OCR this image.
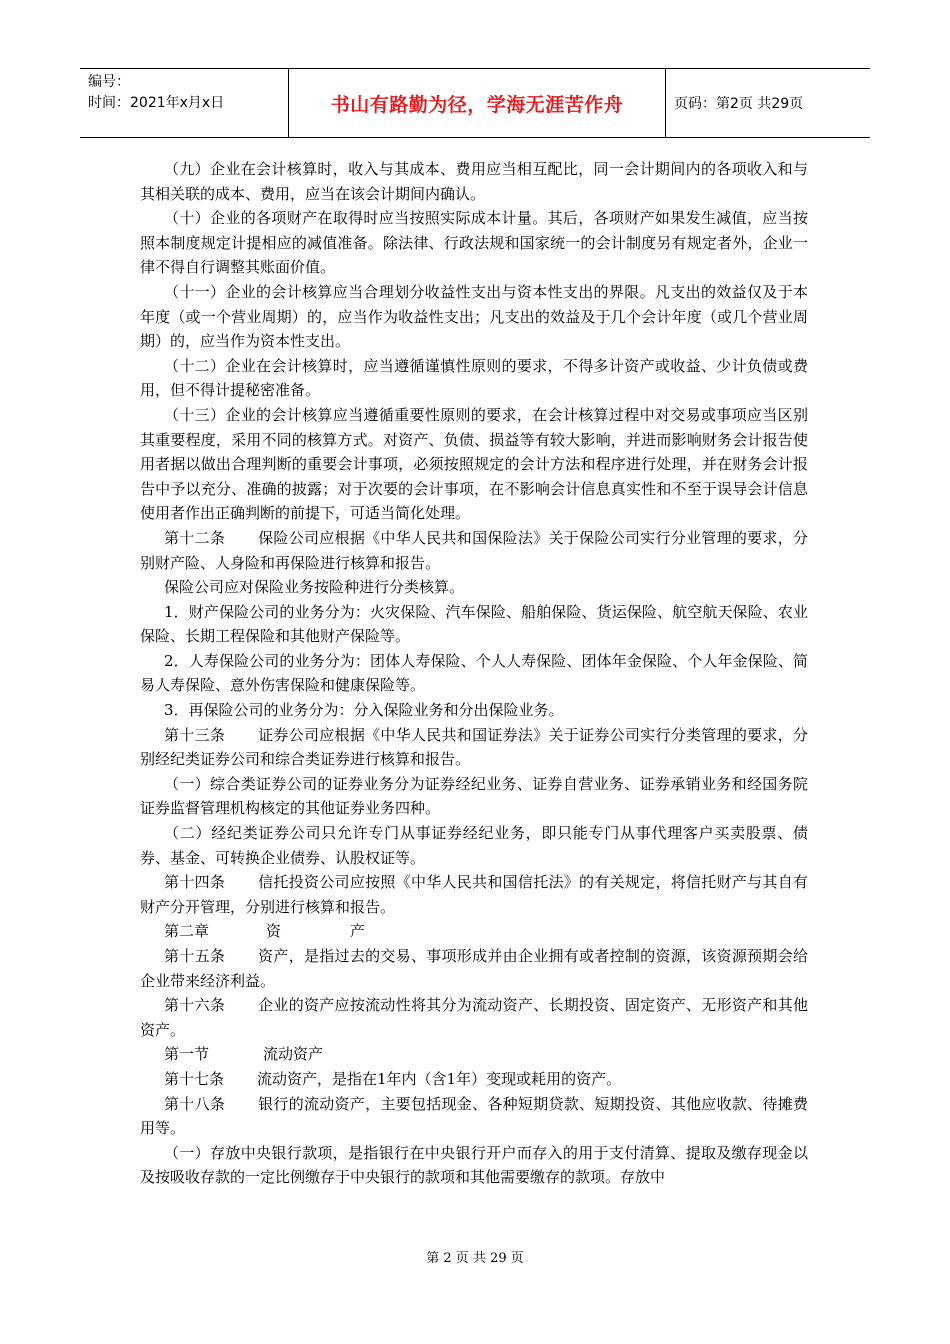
编号：
时间：2021年x月x日	书山有路勤为径，学海无涯苦作舟	页码：第2页 共29页

（九）企业在会计核算时，收入与其成本、费用应当相互配比，同一会计期间内的各项收入和与其相关联的成本、费用，应当在该会计期间内确认。

（十）企业的各项财产在取得时应当按照实际成本计量。其后，各项财产如果发生减值，应当按照本制度规定计提相应的减值准备。除法律、行政法规和国家统一的会计制度另有规定者外，企业一律不得自行调整其账面价值。

（十一）企业的会计核算应当合理划分收益性支出与资本性支出的界限。凡支出的效益仅及于本年度（或一个营业周期）的，应当作为收益性支出；凡支出的效益及于几个会计年度（或几个营业周期）的，应当作为资本性支出。

（十二）企业在会计核算时，应当遵循谨慎性原则的要求，不得多计资产或收益、少计负债或费用，但不得计提秘密准备。

（十三）企业的会计核算应当遵循重要性原则的要求，在会计核算过程中对交易或事项应当区别其重要程度，采用不同的核算方式。对资产、负债、损益等有较大影响，并进而影响财务会计报告使用者据以做出合理判断的重要会计事项，必须按照规定的会计方法和程序进行处理，并在财务会计报告中予以充分、准确的披露；对于次要的会计事项，在不影响会计信息真实性和不至于误导会计信息使用者作出正确判断的前提下，可适当简化处理。

第十二条 保险公司应根据《中华人民共和国保险法》关于保险公司实行分业管理的要求，分别财产险、人身险和再保险进行核算和报告。

保险公司应对保险业务按险种进行分类核算。

1．财产保险公司的业务分为：火灾保险、汽车保险、船舶保险、货运保险、航空航天保险、农业保险、长期工程保险和其他财产保险等。

2．人寿保险公司的业务分为：团体人寿保险、个人人寿保险、团体年金保险、个人年金保险、简易人寿保险、意外伤害保险和健康保险等。

3．再保险公司的业务分为：分入保险业务和分出保险业务。

第十三条 证券公司应根据《中华人民共和国证券法》关于证券公司实行分类管理的要求，分别经纪类证券公司和综合类证券进行核算和报告。

（一）综合类证券公司的证券业务分为证券经纪业务、证券自营业务、证券承销业务和经国务院证券监督管理机构核定的其他证券业务四种。

（二）经纪类证券公司只允许专门从事证券经纪业务，即只能专门从事代理客户买卖股票、债券、基金、可转换企业债券、认股权证等。

第十四条 信托投资公司应按照《中华人民共和国信托法》的有关规定，将信托财产与其自有财产分开管理，分别进行核算和报告。

第二章	资	产

第十五条 资产，是指过去的交易、事项形成并由企业拥有或者控制的资源，该资源预期会给企业带来经济利益。

第十六条 企业的资产应按流动性将其分为流动资产、长期投资、固定资产、无形资产和其他资产。

第一节	流动资产

第十七条 流动资产，是指在1年内（含1年）变现或耗用的资产。

第十八条 银行的流动资产，主要包括现金、各种短期贷款、短期投资、其他应收款、待摊费用等。

（一）存放中央银行款项，是指银行在中央银行开户而存入的用于支付清算、提取及缴存现金以及按吸收存款的一定比例缴存于中央银行的款项和其他需要缴存的款项。存放中

第 2 页 共 29 页
